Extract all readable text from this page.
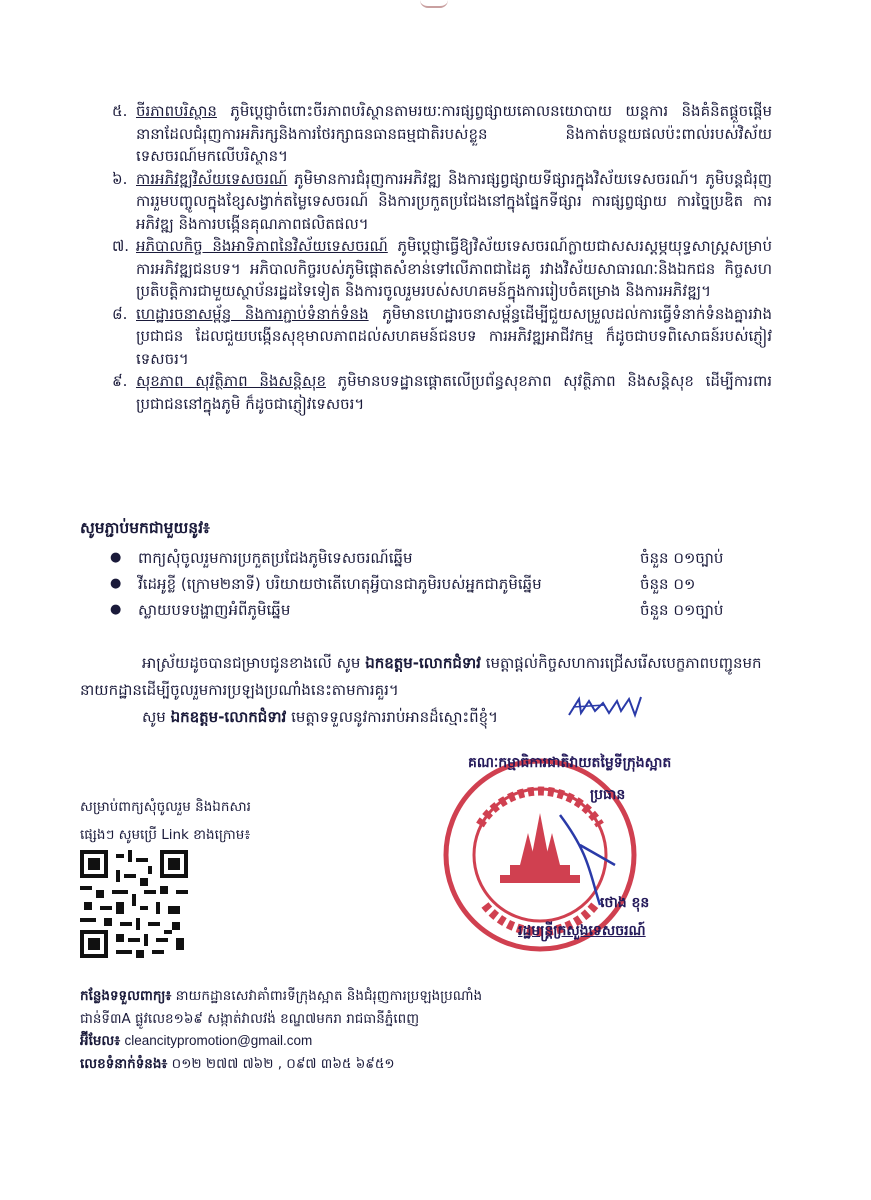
៥. ចីរភាពបរិស្ថាន ភូមិប្តេជ្ញាចំពោះចីរភាពបរិស្ថានតាមរយៈការផ្សព្វផ្សាយគោលនយោបាយ យន្តការ និងគំនិតផ្តួចផ្តើមនានាដែលជំរុញការអភិរក្សនិងការថែរក្សាធនធានធម្មជាតិរបស់ខ្លួន និងកាត់បន្ថយផលប៉ះពាល់របស់វិស័យទេសចរណ៍មកលើបរិស្ថាន។
៦. ការអភិវឌ្ឍវិស័យទេសចរណ៍ ភូមិមានការជំរុញការអភិវឌ្ឍ និងការផ្សព្វផ្សាយទីផ្សារក្នុងវិស័យទេសចរណ៍។ ភូមិបន្តជំរុញការរួមបញ្ចូលក្នុងខ្សែសង្វាក់តម្លៃទេសចរណ៍ និងការប្រកួតប្រជែងនៅក្នុងផ្នែកទីផ្សារ ការផ្សព្វផ្សាយ ការច្នៃប្រឌិត ការអភិវឌ្ឍ និងការបង្កើនគុណភាពផលិតផល។
៧. អភិបាលកិច្ច និងអាទិភាពនៃវិស័យទេសចរណ៍ ភូមិប្តេជ្ញាធ្វើឱ្យវិស័យទេសចរណ៍ក្លាយជាសសរស្តម្ភយុទ្ធសាស្ត្រសម្រាប់ការអភិវឌ្ឍជនបទ។ អភិបាលកិច្ចរបស់ភូមិផ្តោតសំខាន់ទៅលើភាពជាដៃគូ រវាងវិស័យសាធារណៈនិងឯកជន កិច្ចសហប្រតិបត្តិការជាមួយស្ថាប័នរដ្ឋដទៃទៀត និងការចូលរួមរបស់សហគមន៍ក្នុងការរៀបចំគម្រោង និងការអភិវឌ្ឍ។
៨. ហេដ្ឋារចនាសម្ព័ន្ធ និងការភ្ជាប់ទំនាក់ទំនង ភូមិមានហេដ្ឋារចនាសម្ព័ន្ធដើម្បីជួយសម្រួលដល់ការធ្វើទំនាក់ទំនងគ្នារវាងប្រជាជន ដែលជួយបង្កើនសុខុមាលភាពដល់សហគមន៍ជនបទ ការអភិវឌ្ឍអាជីវកម្ម ក៏ដូចជាបទពិសោធន៍របស់ភ្ញៀវទេសចរ។
៩. សុខភាព សុវត្ថិភាព និងសន្តិសុខ ភូមិមានបទដ្ឋានផ្តោតលើប្រព័ន្ធសុខភាព សុវត្ថិភាព និងសន្តិសុខ ដើម្បីការពារប្រជាជននៅក្នុងភូមិ ក៏ដូចជាភ្ញៀវទេសចរ។
សូមភ្ជាប់មកជាមួយនូវ៖
●	ពាក្យសុំចូលរួមការប្រកួតប្រជែងភូមិទេសចរណ៍ឆ្នើម	ចំនួន ០១ច្បាប់
●	វីដេអូខ្លី (ក្រោម២នាទី) បរិយាយថាតើហេតុអ្វីបានជាភូមិរបស់អ្នកជាភូមិឆ្នើម	ចំនួន ០១
●	ស្លាយបទបង្ហាញអំពីភូមិឆ្នើម	ចំនួន ០១ច្បាប់

អាស្រ័យដូចបានជម្រាបជូនខាងលើ សូម ឯកឧត្តម-លោកជំទាវ មេត្តាផ្តល់កិច្ចសហការជ្រើសរើសបេក្ខភាពបញ្ជូនមកនាយកដ្ឋានដើម្បីចូលរួមការប្រឡងប្រណាំងនេះតាមការគួរ។

សូម ឯកឧត្តម-លោកជំទាវ មេត្តាទទួលនូវការរាប់អានដ៏ស្មោះពីខ្ញុំ។

គណៈកម្មាធិការជាតិវាយតម្លៃទីក្រុងស្អាត
ប្រធាន
ថោង ខុន
រដ្ឋមន្ត្រីក្រសួងទេសចរណ៍
សម្រាប់ពាក្យសុំចូលរួម និងឯកសារ
ផ្សេងៗ សូមប្រើ Link ខាងក្រោម៖
កន្លែងទទួលពាក្យ៖ នាយកដ្ឋានសេវាគាំពារទីក្រុងស្អាត និងជំរុញការប្រឡងប្រណាំង
ជាន់ទី៣A ផ្លូវលេខ១៦៩ សង្កាត់វាលវង់ ខណ្ឌ៧មករា រាជធានីភ្នំពេញ
អ៊ីមែល៖ cleancitypromotion@gmail.com
លេខទំនាក់ទំនង៖ ០១២ ២៧៧ ៧៦២ , ០៩៧ ៣៦៥ ៦៩៥១
